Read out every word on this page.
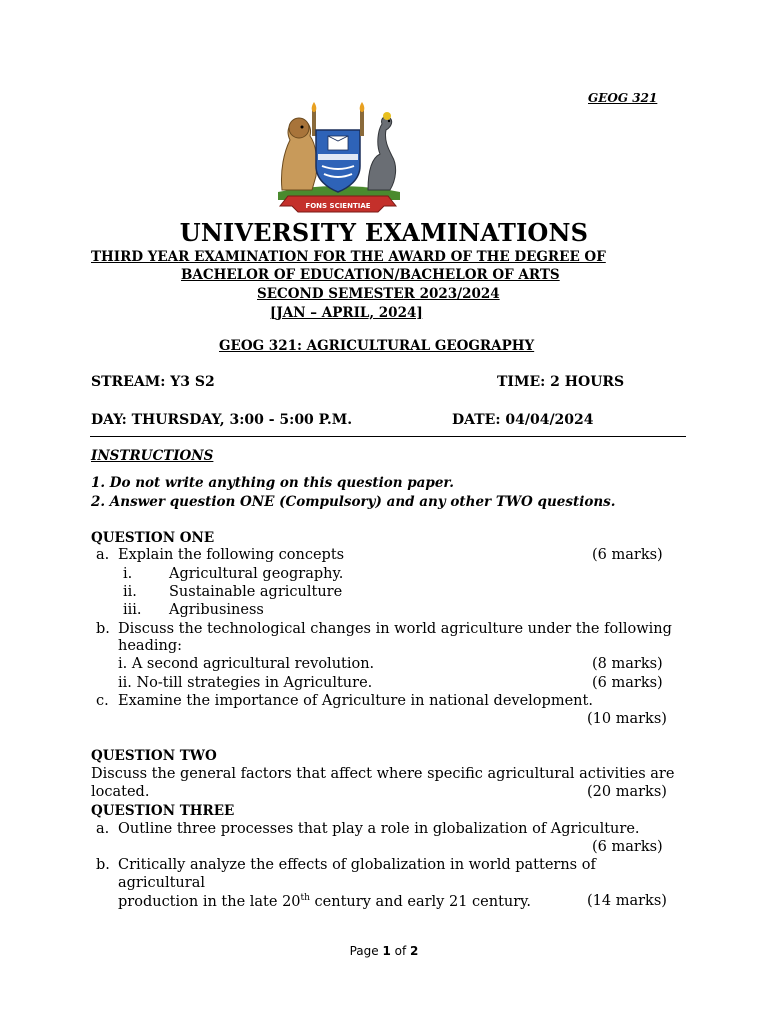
GEOG 321
FONS SCIENTIAE
UNIVERSITY EXAMINATIONS
THIRD YEAR EXAMINATION FOR THE AWARD OF THE DEGREE OF
BACHELOR OF EDUCATION/BACHELOR OF ARTS
SECOND SEMESTER 2023/2024
[JAN – APRIL, 2024]
GEOG 321: AGRICULTURAL GEOGRAPHY
STREAM: Y3 S2	TIME: 2 HOURS
DAY: THURSDAY, 3:00 - 5:00 P.M.	DATE: 04/04/2024
INSTRUCTIONS
1. Do not write anything on this question paper.
2. Answer question ONE (Compulsory) and any other TWO questions.
QUESTION ONE
a. Explain the following concepts	(6 marks)
i.	Agricultural geography.
ii. Sustainable agriculture
iii. Agribusiness
b. Discuss the technological changes in world agriculture under the following
heading:
i. A second agricultural revolution.	(8 marks)
ii. No-till strategies in Agriculture.	(6 marks)
c. Examine the importance of Agriculture in national development.
(10 marks)
QUESTION TWO
Discuss the general factors that affect where specific agricultural activities are
located.	(20 marks)
QUESTION THREE
a. Outline three processes that play a role in globalization of Agriculture.
(6 marks)
b. Critically analyze the effects of globalization in world patterns of
agricultural
production in the late 20th century and early 21 century.	(14 marks)
Page 1 of 2
